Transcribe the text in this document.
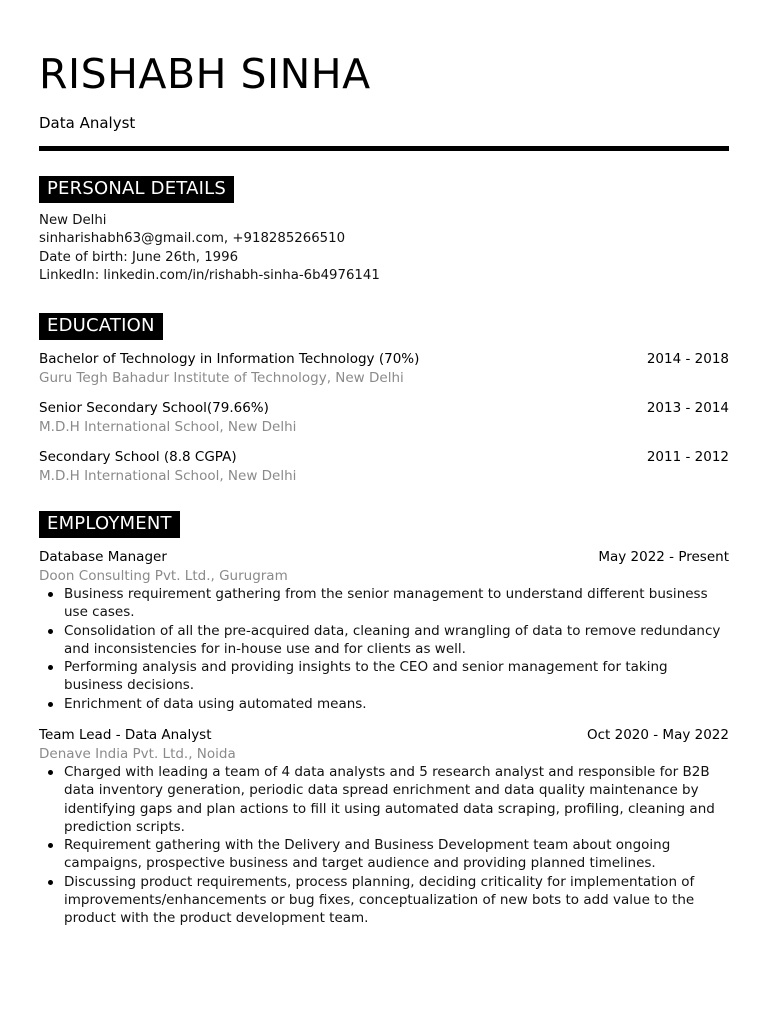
RISHABH SINHA
Data Analyst
PERSONAL DETAILS
New Delhi
sinharishabh63@gmail.com, +918285266510
Date of birth: June 26th, 1996
LinkedIn: linkedin.com/in/rishabh-sinha-6b4976141
EDUCATION
Bachelor of Technology in Information Technology (70%)	2014 - 2018
Guru Tegh Bahadur Institute of Technology, New Delhi
Senior Secondary School(79.66%)	2013 - 2014
M.D.H International School, New Delhi
Secondary School (8.8 CGPA)	2011 - 2012
M.D.H International School, New Delhi
EMPLOYMENT
Database Manager	May 2022 - Present
Doon Consulting Pvt. Ltd., Gurugram
Business requirement gathering from the senior management to understand different business use cases.
Consolidation of all the pre-acquired data, cleaning and wrangling of data to remove redundancy and inconsistencies for in-house use and for clients as well.
Performing analysis and providing insights to the CEO and senior management for taking business decisions.
Enrichment of data using automated means.
Team Lead - Data Analyst	Oct 2020 - May 2022
Denave India Pvt. Ltd., Noida
Charged with leading a team of 4 data analysts and 5 research analyst and responsible for B2B data inventory generation, periodic data spread enrichment and data quality maintenance by identifying gaps and plan actions to fill it using automated data scraping, profiling, cleaning and prediction scripts.
Requirement gathering with the Delivery and Business Development team about ongoing campaigns, prospective business and target audience and providing planned timelines.
Discussing product requirements, process planning, deciding criticality for implementation of improvements/enhancements or bug fixes, conceptualization of new bots to add value to the product with the product development team.
